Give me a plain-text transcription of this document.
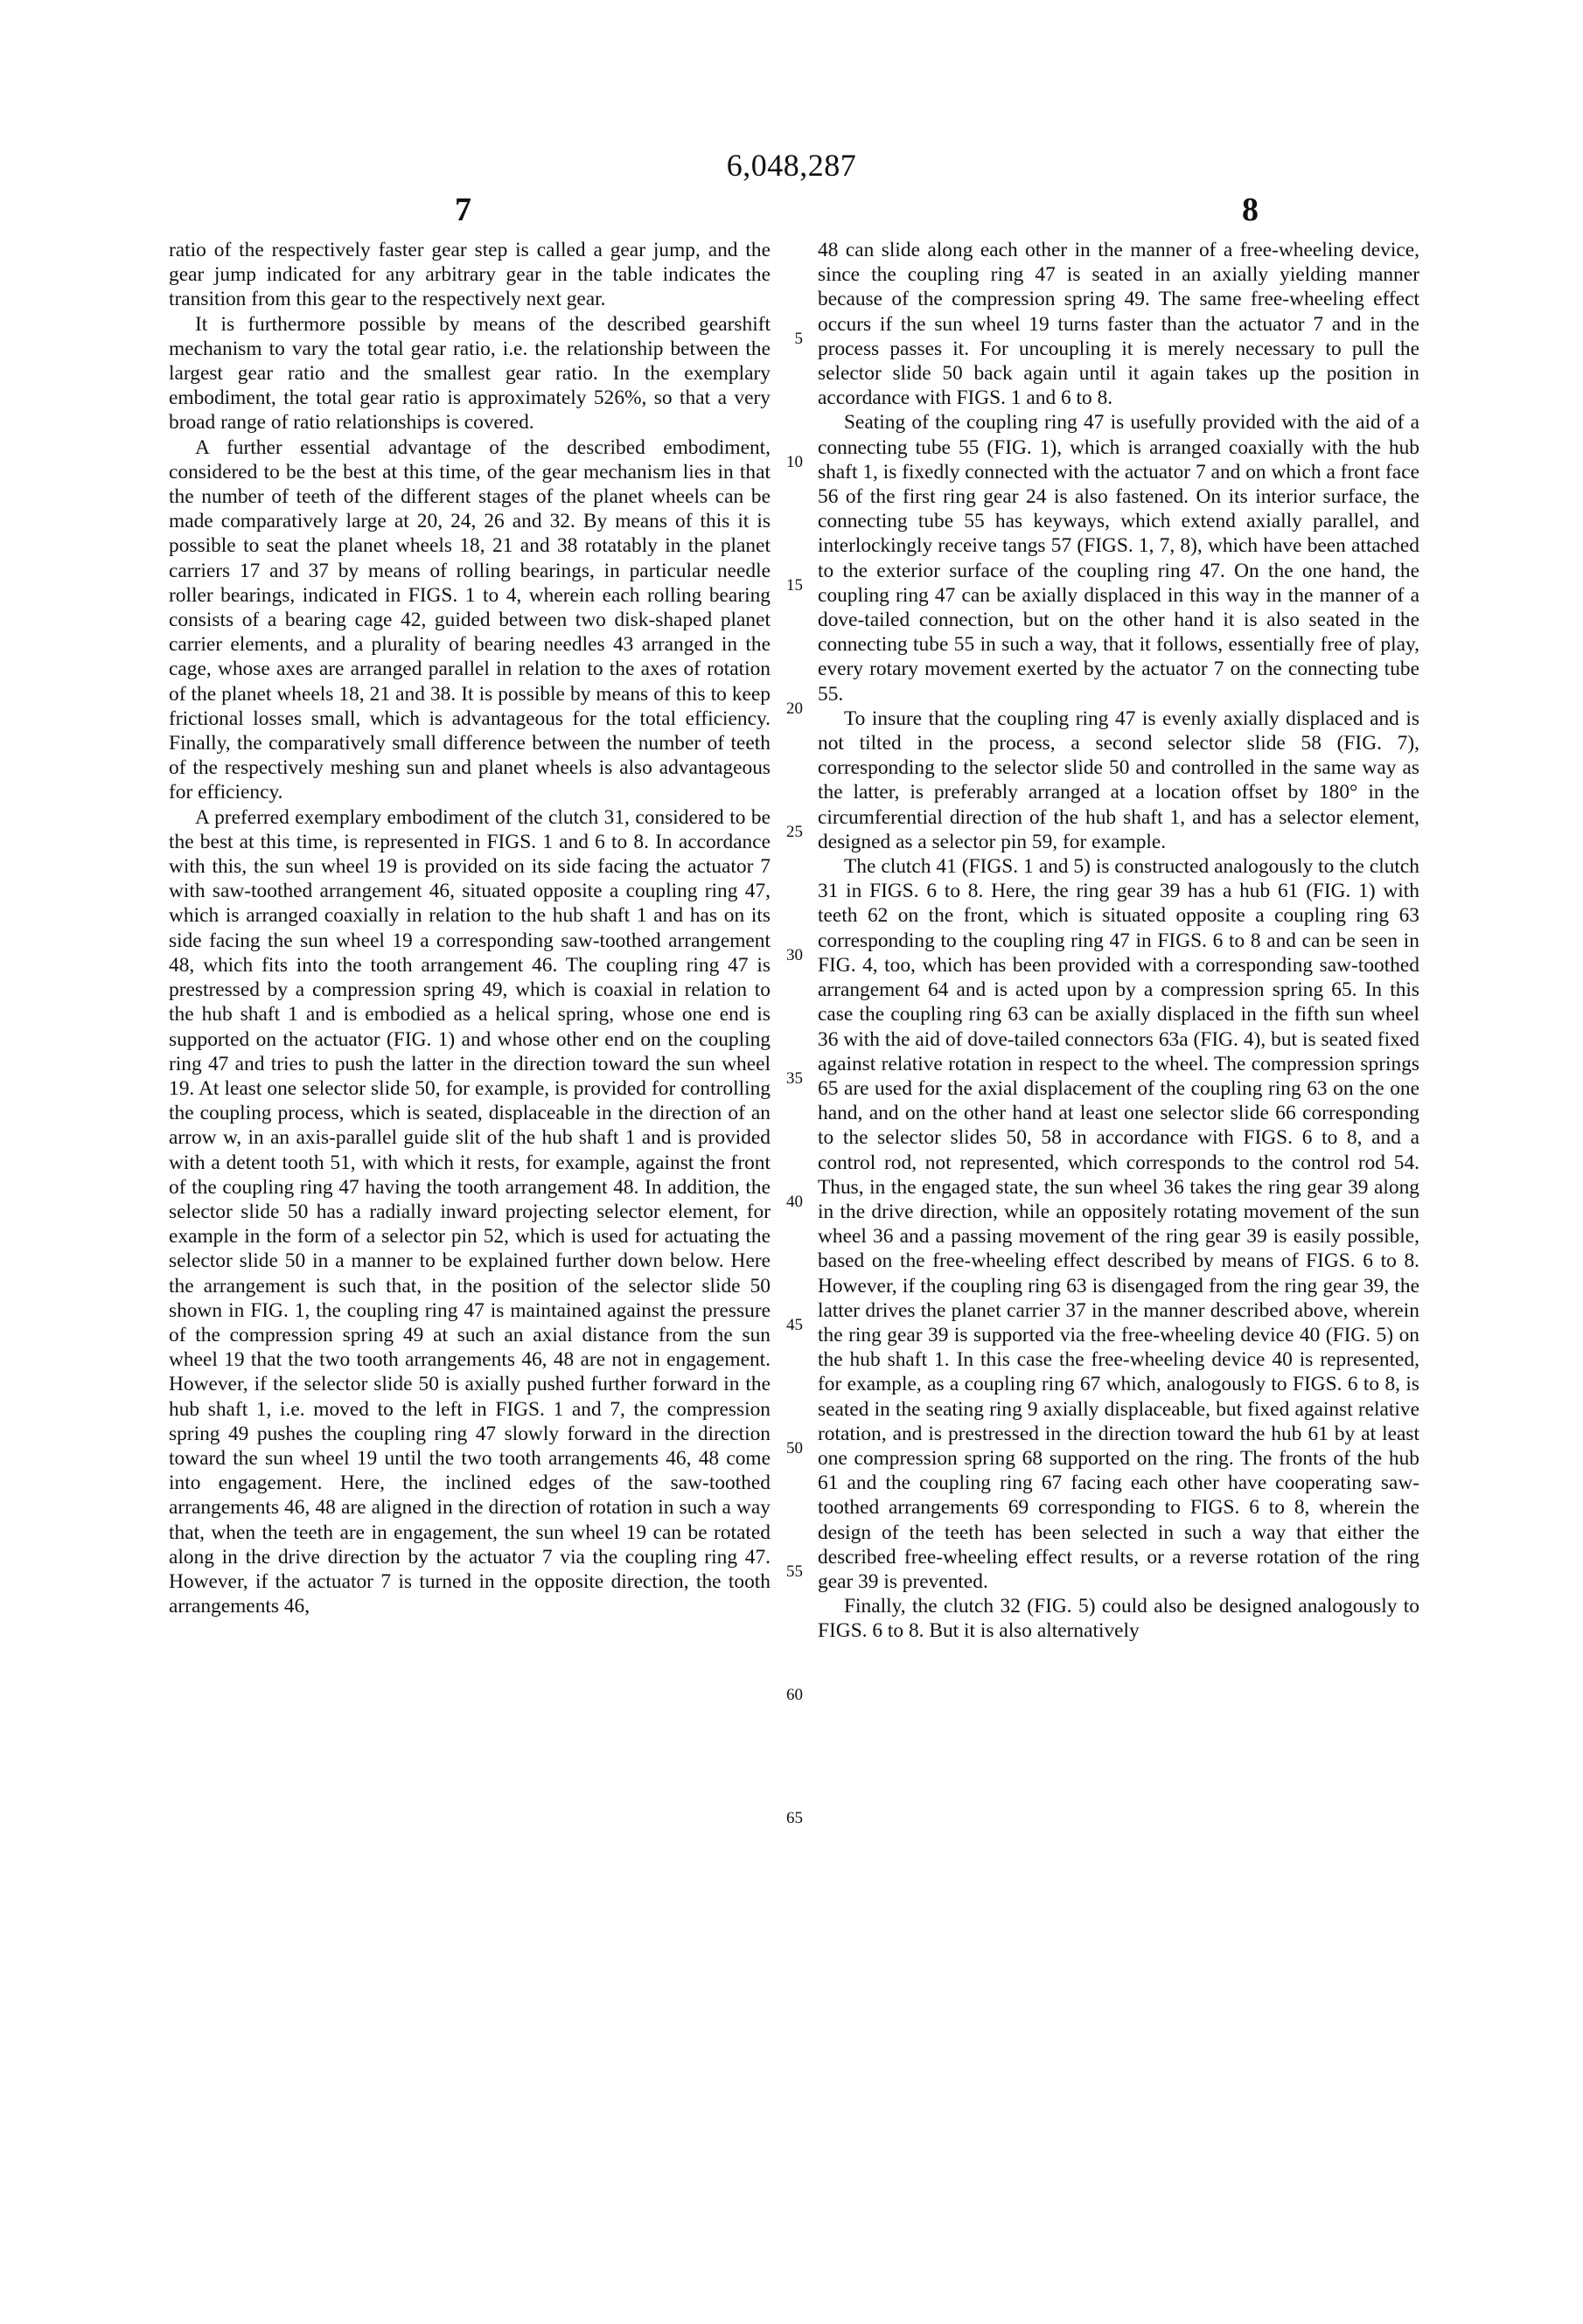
6,048,287
7	8

ratio of the respectively faster gear step is called a gear jump, and the gear jump indicated for any arbitrary gear in the table indicates the transition from this gear to the respectively next gear.

It is furthermore possible by means of the described gearshift mechanism to vary the total gear ratio, i.e. the relationship between the largest gear ratio and the smallest gear ratio. In the exemplary embodiment, the total gear ratio is approximately 526%, so that a very broad range of ratio relationships is covered.

A further essential advantage of the described embodiment, considered to be the best at this time, of the gear mechanism lies in that the number of teeth of the different stages of the planet wheels can be made comparatively large at 20, 24, 26 and 32. By means of this it is possible to seat the planet wheels 18, 21 and 38 rotatably in the planet carriers 17 and 37 by means of rolling bearings, in particular needle roller bearings, indicated in FIGS. 1 to 4, wherein each rolling bearing consists of a bearing cage 42, guided between two disk-shaped planet carrier elements, and a plurality of bearing needles 43 arranged in the cage, whose axes are arranged parallel in relation to the axes of rotation of the planet wheels 18, 21 and 38. It is possible by means of this to keep frictional losses small, which is advantageous for the total efficiency. Finally, the comparatively small difference between the number of teeth of the respectively meshing sun and planet wheels is also advantageous for efficiency.

A preferred exemplary embodiment of the clutch 31, considered to be the best at this time, is represented in FIGS. 1 and 6 to 8. In accordance with this, the sun wheel 19 is provided on its side facing the actuator 7 with saw-toothed arrangement 46, situated opposite a coupling ring 47, which is arranged coaxially in relation to the hub shaft 1 and has on its side facing the sun wheel 19 a corresponding saw-toothed arrangement 48, which fits into the tooth arrangement 46. The coupling ring 47 is prestressed by a compression spring 49, which is coaxial in relation to the hub shaft 1 and is embodied as a helical spring, whose one end is supported on the actuator (FIG. 1) and whose other end on the coupling ring 47 and tries to push the latter in the direction toward the sun wheel 19. At least one selector slide 50, for example, is provided for controlling the coupling process, which is seated, displaceable in the direction of an arrow w, in an axis-parallel guide slit of the hub shaft 1 and is provided with a detent tooth 51, with which it rests, for example, against the front of the coupling ring 47 having the tooth arrangement 48. In addition, the selector slide 50 has a radially inward projecting selector element, for example in the form of a selector pin 52, which is used for actuating the selector slide 50 in a manner to be explained further down below. Here the arrangement is such that, in the position of the selector slide 50 shown in FIG. 1, the coupling ring 47 is maintained against the pressure of the compression spring 49 at such an axial distance from the sun wheel 19 that the two tooth arrangements 46, 48 are not in engagement. However, if the selector slide 50 is axially pushed further forward in the hub shaft 1, i.e. moved to the left in FIGS. 1 and 7, the compression spring 49 pushes the coupling ring 47 slowly forward in the direction toward the sun wheel 19 until the two tooth arrangements 46, 48 come into engagement. Here, the inclined edges of the saw-toothed arrangements 46, 48 are aligned in the direction of rotation in such a way that, when the teeth are in engagement, the sun wheel 19 can be rotated along in the drive direction by the actuator 7 via the coupling ring 47. However, if the actuator 7 is turned in the opposite direction, the tooth arrangements 46,

5
10
15
20
25
30
35
40
45
50
55
60
65

48 can slide along each other in the manner of a free-wheeling device, since the coupling ring 47 is seated in an axially yielding manner because of the compression spring 49. The same free-wheeling effect occurs if the sun wheel 19 turns faster than the actuator 7 and in the process passes it. For uncoupling it is merely necessary to pull the selector slide 50 back again until it again takes up the position in accordance with FIGS. 1 and 6 to 8.

Seating of the coupling ring 47 is usefully provided with the aid of a connecting tube 55 (FIG. 1), which is arranged coaxially with the hub shaft 1, is fixedly connected with the actuator 7 and on which a front face 56 of the first ring gear 24 is also fastened. On its interior surface, the connecting tube 55 has keyways, which extend axially parallel, and interlockingly receive tangs 57 (FIGS. 1, 7, 8), which have been attached to the exterior surface of the coupling ring 47. On the one hand, the coupling ring 47 can be axially displaced in this way in the manner of a dove-tailed connection, but on the other hand it is also seated in the connecting tube 55 in such a way, that it follows, essentially free of play, every rotary movement exerted by the actuator 7 on the connecting tube 55.

To insure that the coupling ring 47 is evenly axially displaced and is not tilted in the process, a second selector slide 58 (FIG. 7), corresponding to the selector slide 50 and controlled in the same way as the latter, is preferably arranged at a location offset by 180° in the circumferential direction of the hub shaft 1, and has a selector element, designed as a selector pin 59, for example.

The clutch 41 (FIGS. 1 and 5) is constructed analogously to the clutch 31 in FIGS. 6 to 8. Here, the ring gear 39 has a hub 61 (FIG. 1) with teeth 62 on the front, which is situated opposite a coupling ring 63 corresponding to the coupling ring 47 in FIGS. 6 to 8 and can be seen in FIG. 4, too, which has been provided with a corresponding saw-toothed arrangement 64 and is acted upon by a compression spring 65. In this case the coupling ring 63 can be axially displaced in the fifth sun wheel 36 with the aid of dove-tailed connectors 63a (FIG. 4), but is seated fixed against relative rotation in respect to the wheel. The compression springs 65 are used for the axial displacement of the coupling ring 63 on the one hand, and on the other hand at least one selector slide 66 corresponding to the selector slides 50, 58 in accordance with FIGS. 6 to 8, and a control rod, not represented, which corresponds to the control rod 54. Thus, in the engaged state, the sun wheel 36 takes the ring gear 39 along in the drive direction, while an oppositely rotating movement of the sun wheel 36 and a passing movement of the ring gear 39 is easily possible, based on the free-wheeling effect described by means of FIGS. 6 to 8. However, if the coupling ring 63 is disengaged from the ring gear 39, the latter drives the planet carrier 37 in the manner described above, wherein the ring gear 39 is supported via the free-wheeling device 40 (FIG. 5) on the hub shaft 1. In this case the free-wheeling device 40 is represented, for example, as a coupling ring 67 which, analogously to FIGS. 6 to 8, is seated in the seating ring 9 axially displaceable, but fixed against relative rotation, and is prestressed in the direction toward the hub 61 by at least one compression spring 68 supported on the ring. The fronts of the hub 61 and the coupling ring 67 facing each other have cooperating saw-toothed arrangements 69 corresponding to FIGS. 6 to 8, wherein the design of the teeth has been selected in such a way that either the described free-wheeling effect results, or a reverse rotation of the ring gear 39 is prevented.

Finally, the clutch 32 (FIG. 5) could also be designed analogously to FIGS. 6 to 8. But it is also alternatively
